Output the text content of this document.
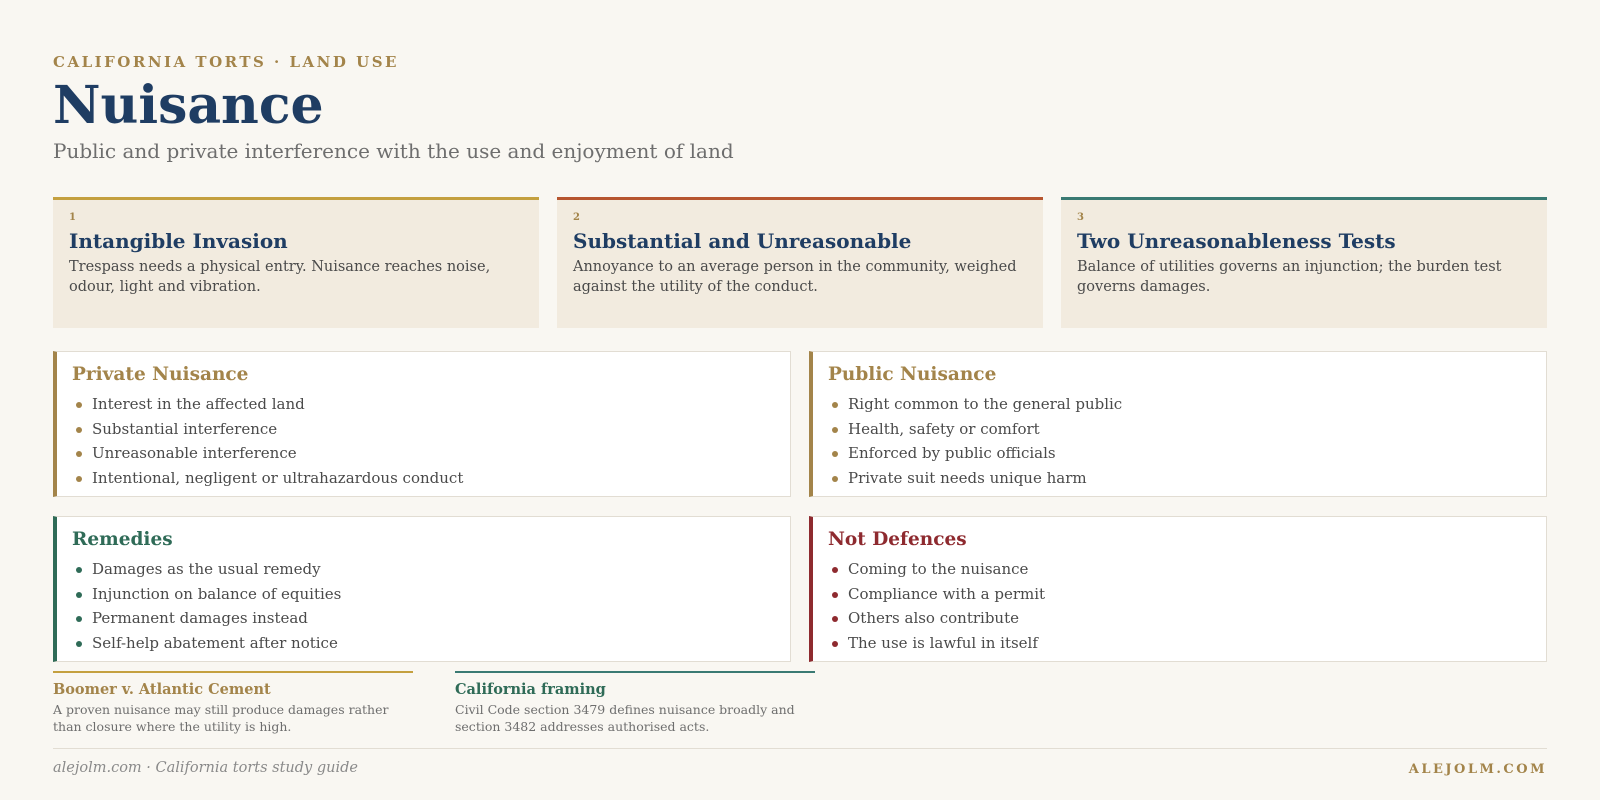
CALIFORNIA TORTS · LAND USE
Nuisance
Public and private interference with the use and enjoyment of land
1
Intangible Invasion
Trespass needs a physical entry. Nuisance reaches noise, odour, light and vibration.
2
Substantial and Unreasonable
Annoyance to an average person in the community, weighed against the utility of the conduct.
3
Two Unreasonableness Tests
Balance of utilities governs an injunction; the burden test governs damages.
Private Nuisance
Interest in the affected land
Substantial interference
Unreasonable interference
Intentional, negligent or ultrahazardous conduct
Public Nuisance
Right common to the general public
Health, safety or comfort
Enforced by public officials
Private suit needs unique harm
Remedies
Damages as the usual remedy
Injunction on balance of equities
Permanent damages instead
Self-help abatement after notice
Not Defences
Coming to the nuisance
Compliance with a permit
Others also contribute
The use is lawful in itself
Boomer v. Atlantic Cement
A proven nuisance may still produce damages rather than closure where the utility is high.
California framing
Civil Code section 3479 defines nuisance broadly and section 3482 addresses authorised acts.
alejolm.com · California torts study guide	ALEJOLM.COM
